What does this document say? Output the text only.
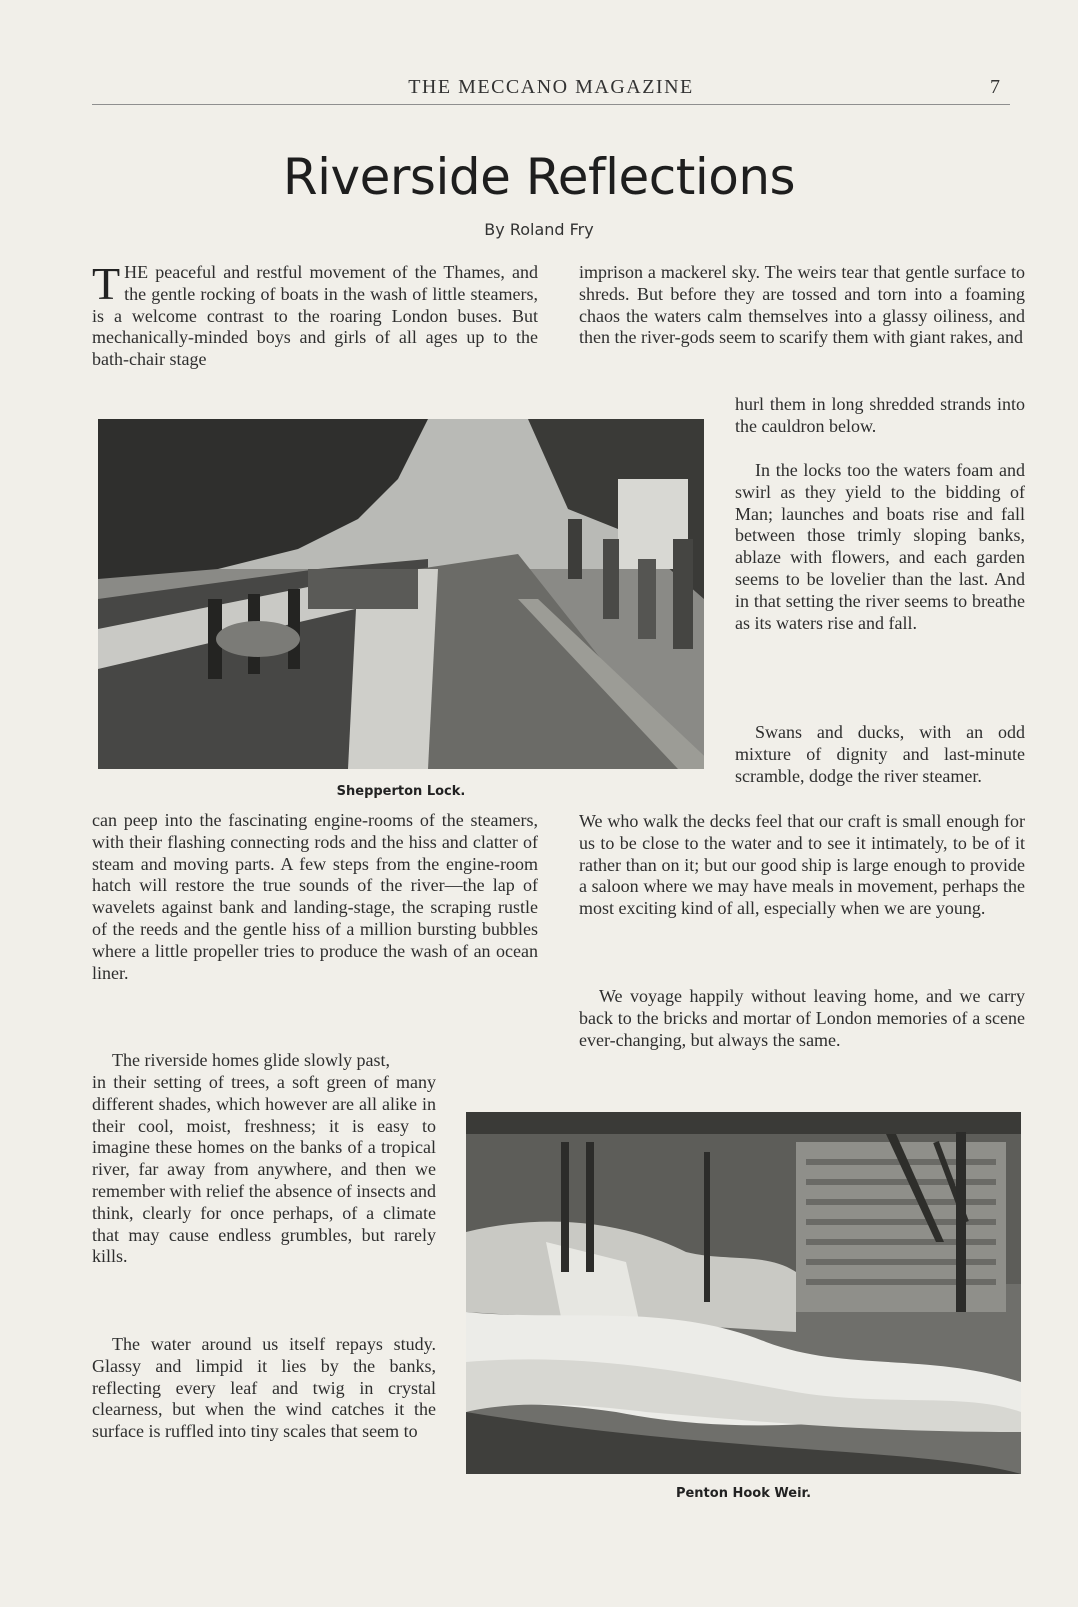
THE MECCANO MAGAZINE	7
Riverside Reflections
By Roland Fry

THE peaceful and restful movement of the Thames, and the gentle rocking of boats in the wash of little steamers, is a welcome contrast to the roaring London buses. But mechanically-minded boys and girls of all ages up to the bath-chair stage

Shepperton Lock.

can peep into the fascinating engine-rooms of the steamers, with their flashing connecting rods and the hiss and clatter of steam and moving parts. A few steps from the engine-room hatch will restore the true sounds of the river—the lap of wavelets against bank and landing-stage, the scraping rustle of the reeds and the gentle hiss of a million bursting bubbles where a little propeller tries to produce the wash of an ocean liner.

The riverside homes glide slowly past,

in their setting of trees, a soft green of many different shades, which however are all alike in their cool, moist, freshness; it is easy to imagine these homes on the banks of a tropical river, far away from anywhere, and then we remember with relief the absence of insects and think, clearly for once perhaps, of a climate that may cause endless grumbles, but rarely kills.

The water around us itself repays study. Glassy and limpid it lies by the banks, reflecting every leaf and twig in crystal clearness, but when the wind catches it the surface is ruffled into tiny scales that seem to

imprison a mackerel sky. The weirs tear that gentle surface to shreds. But before they are tossed and torn into a foaming chaos the waters calm themselves into a glassy oiliness, and then the river-gods seem to scarify them with giant rakes, and

hurl them in long shredded strands into the cauldron below.

In the locks too the waters foam and swirl as they yield to the bidding of Man; launches and boats rise and fall between those trimly sloping banks, ablaze with flowers, and each garden seems to be lovelier than the last. And in that setting the river seems to breathe as its waters rise and fall.

Swans and ducks, with an odd mixture of dignity and last-minute scramble, dodge the river steamer.

We who walk the decks feel that our craft is small enough for us to be close to the water and to see it intimately, to be of it rather than on it; but our good ship is large enough to provide a saloon where we may have meals in movement, perhaps the most exciting kind of all, especially when we are young.

We voyage happily without leaving home, and we carry back to the bricks and mortar of London memories of a scene ever-changing, but always the same.

Penton Hook Weir.
